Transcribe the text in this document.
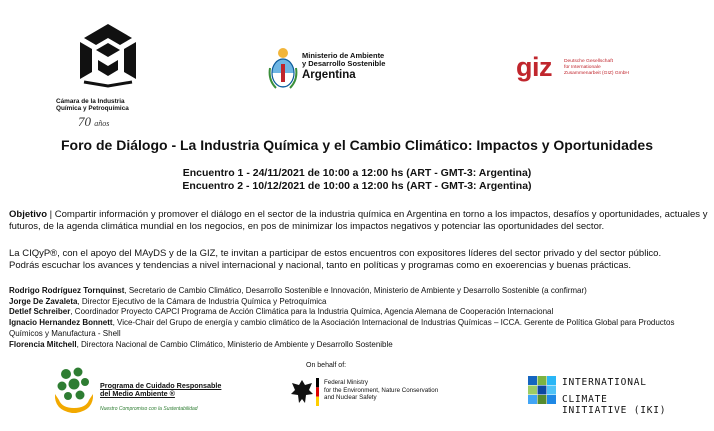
Cámara de la Industria
Química y Petroquímica
70 años
Ministerio de Ambiente
y Desarrollo Sostenible
Argentina	giz Deutsche Gesellschaft
für Internationale
Zusammenarbeit (GIZ) GmbH
Foro de Diálogo - La Industria Química y el Cambio Climático: Impactos y Oportunidades
Encuentro 1 - 24/11/2021 de 10:00 a 12:00 hs (ART - GMT-3: Argentina)
Encuentro 2 - 10/12/2021 de 10:00 a 12:00 hs (ART - GMT-3: Argentina)
Objetivo | Compartir información y promover el diálogo en el sector de la industria química en Argentina en torno a los impactos, desafíos y oportunidades, actuales y futuros, de la agenda climática mundial en los negocios, en pos de minimizar los impactos negativos y potenciar las oportunidades del sector.
La CIQyP®, con el apoyo del MAyDS y de la GIZ, te invitan a participar de estos encuentros con expositores líderes del sector privado y del sector público.
Podrás escuchar los avances y tendencias a nivel internacional y nacional, tanto en políticas y programas como en exoerencias y buenas prácticas.
Rodrigo Rodríguez Tornquinst, Secretario de Cambio Climático, Desarrollo Sostenible e Innovación, Ministerio de Ambiente y Desarrollo Sostenible (a confirmar)
Jorge De Zavaleta, Director Ejecutivo de la Cámara de Industria Química y Petroquímica
Detlef Schreiber, Coordinador Proyecto CAPCI Programa de Acción Climática para la Industria Química, Agencia Alemana de Cooperación Internacional
Ignacio Hernandez Bonnett, Vice-Chair del Grupo de energía y cambio climático de la Asociación Internacional de Industrias Químicas – ICCA. Gerente de Política Global para Productos Químicos y Manufactura - Shell
Florencia Mitchell, Directora Nacional de Cambio Climático, Ministerio de Ambiente y Desarrollo Sostenible
Programa de Cuidado Responsable
del Medio Ambiente ®
Nuestro Compromiso con la Sustentabilidad
On behalf of:
Federal Ministry
for the Environment, Nature Conservation
and Nuclear Safety
INTERNATIONAL
CLIMATE INITIATIVE (IKI)
